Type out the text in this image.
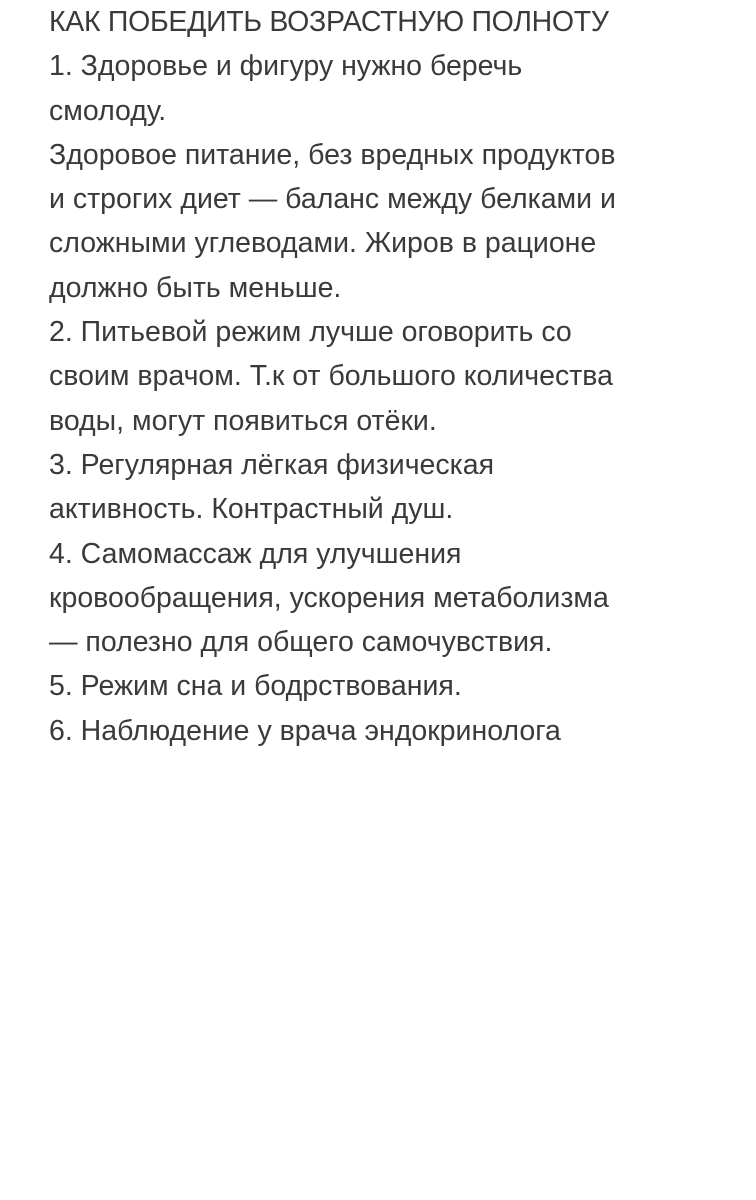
КАК ПОБЕДИТЬ ВОЗРАСТНУЮ ПОЛНОТУ
1. Здоровье и фигуру нужно беречь
смолоду.
Здоровое питание, без вредных продуктов
и строгих диет — баланс между белками и
сложными углеводами. Жиров в рационе
должно быть меньше.
2. Питьевой режим лучше оговорить со
своим врачом. Т.к от большого количества
воды, могут появиться отёки.
3. Регулярная лёгкая физическая
активность. Контрастный душ.
4. Самомассаж для улучшения
кровообращения, ускорения метаболизма
— полезно для общего самочувствия.
5. Режим сна и бодрствования.
6. Наблюдение у врача эндокринолога
